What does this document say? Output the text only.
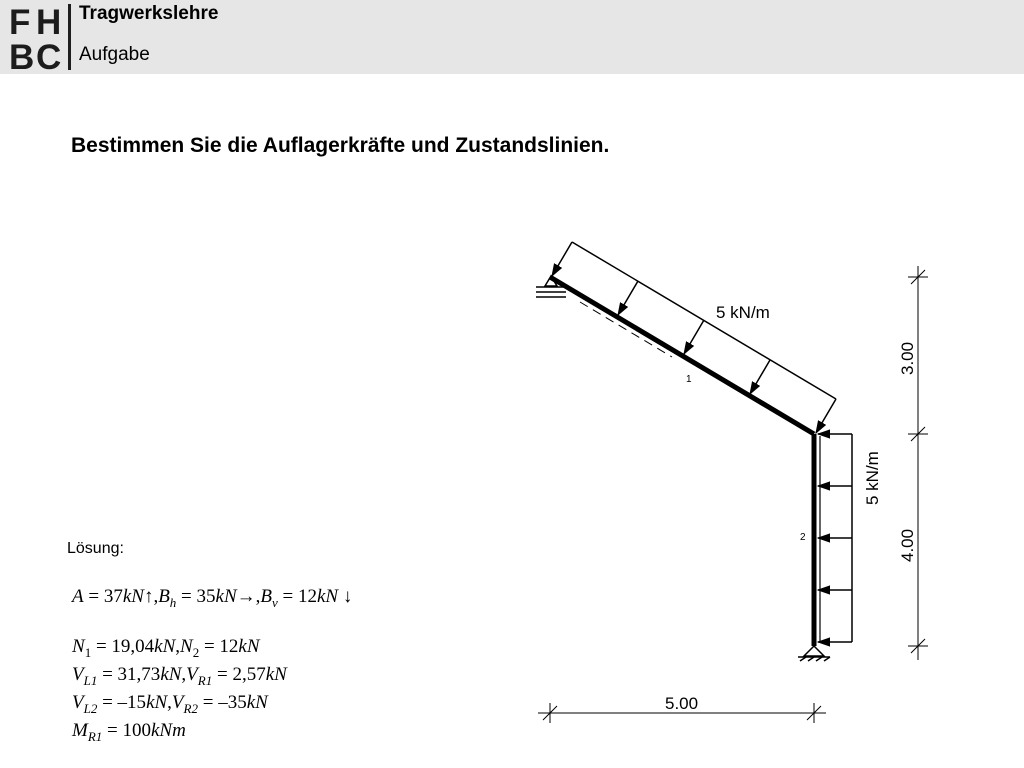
F H
B C
Tragwerkslehre
Aufgabe
Bestimmen Sie die Auflagerkräfte und Zustandslinien.
5 kN/m
5 kN/m
1
2
3.00
4.00
5.00
Lösung:
$A = 37kN↑,B_h = 35kN\to,B_v = 12kN$ ↓
$N_1 = 19,04kN,N_2 = 12kN$
$V_{L1} = 31,73kN,V_{R1} = 2,57kN$
$V_{L2} = -15kN,V_{R2} = -35kN$
$M_{R1} = 100kNm$
